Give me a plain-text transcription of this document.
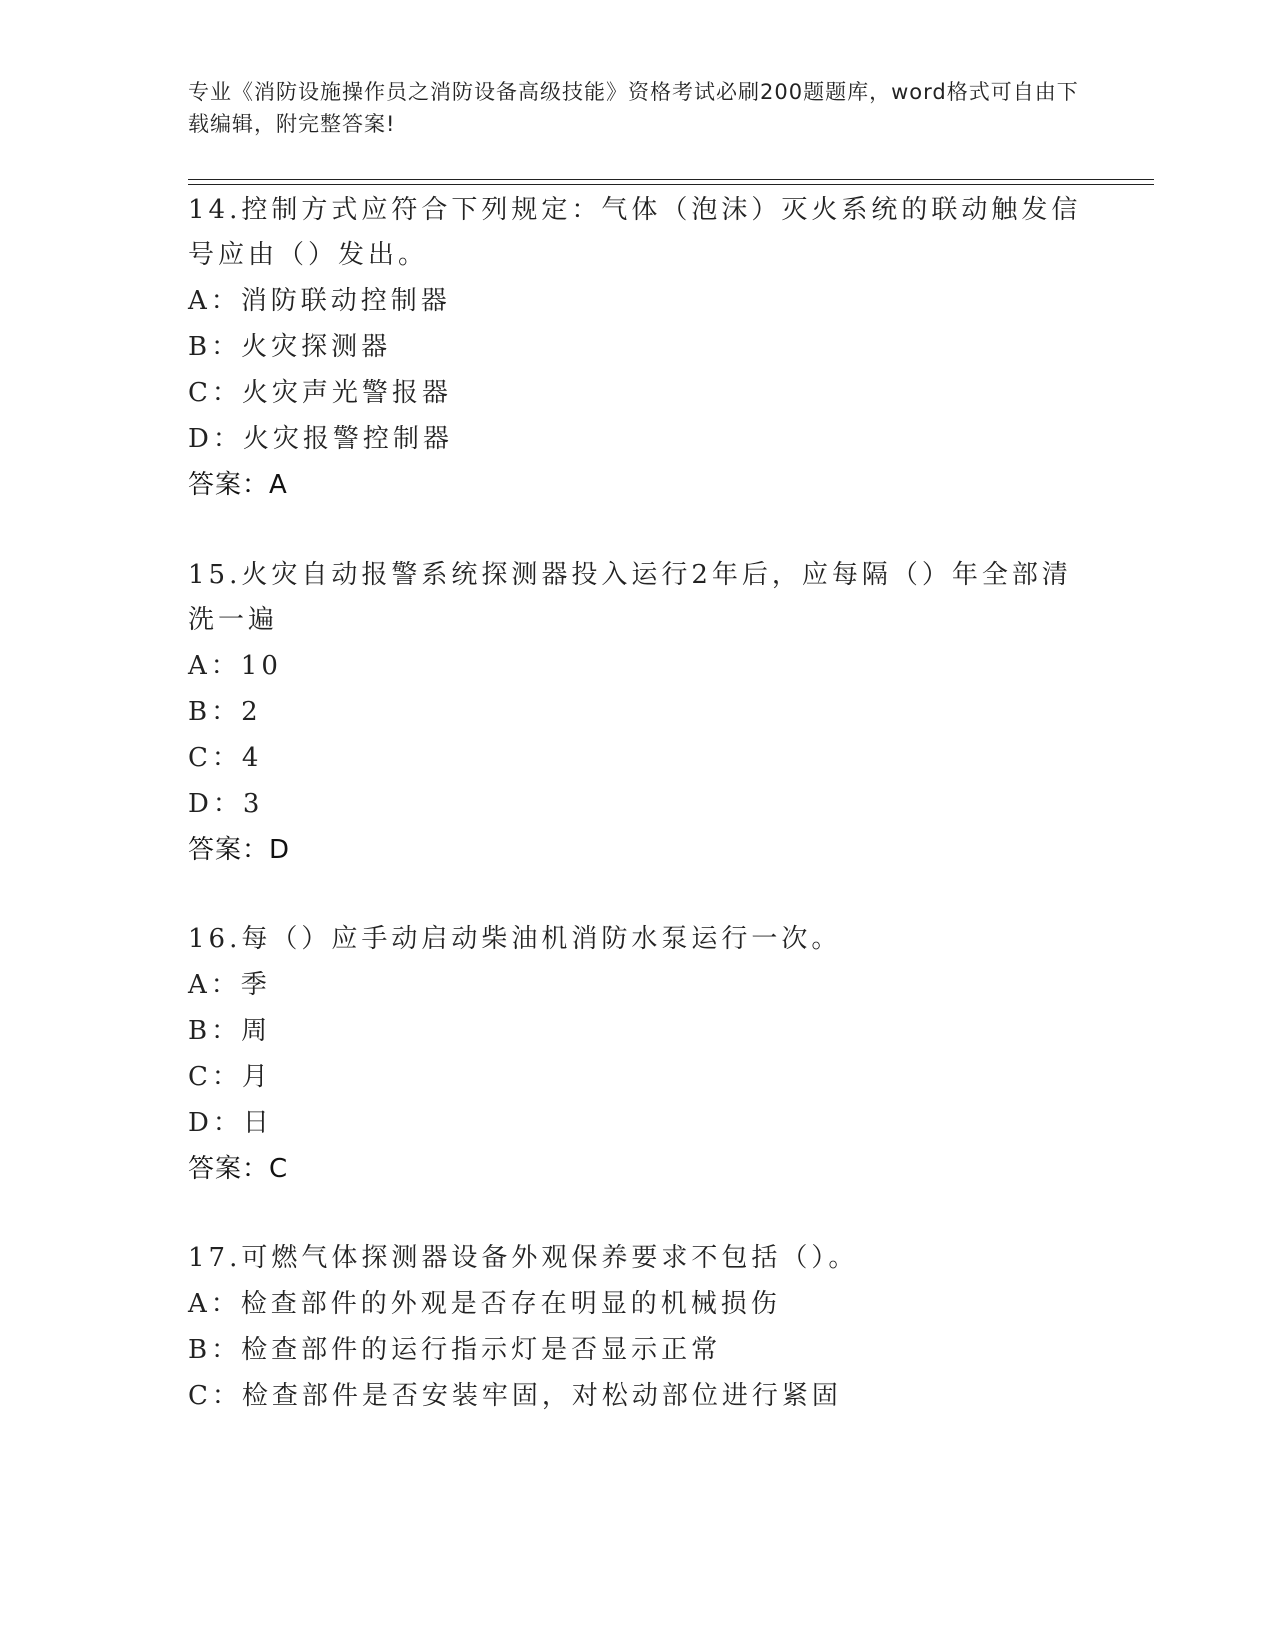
专业《消防设施操作员之消防设备高级技能》资格考试必刷200题题库，word格式可自由下载编辑，附完整答案!

14.控制方式应符合下列规定：气体（泡沫）灭火系统的联动触发信号应由（）发出。

A：消防联动控制器

B：火灾探测器

C：火灾声光警报器

D：火灾报警控制器

答案：A

15.火灾自动报警系统探测器投入运行2年后，应每隔（）年全部清洗一遍

A：10

B：2

C：4

D：3

答案：D

16.每（）应手动启动柴油机消防水泵运行一次。

A：季

B：周

C：月

D：日

答案：C

17.可燃气体探测器设备外观保养要求不包括（）。

A：检查部件的外观是否存在明显的机械损伤

B：检查部件的运行指示灯是否显示正常

C：检查部件是否安装牢固，对松动部位进行紧固
